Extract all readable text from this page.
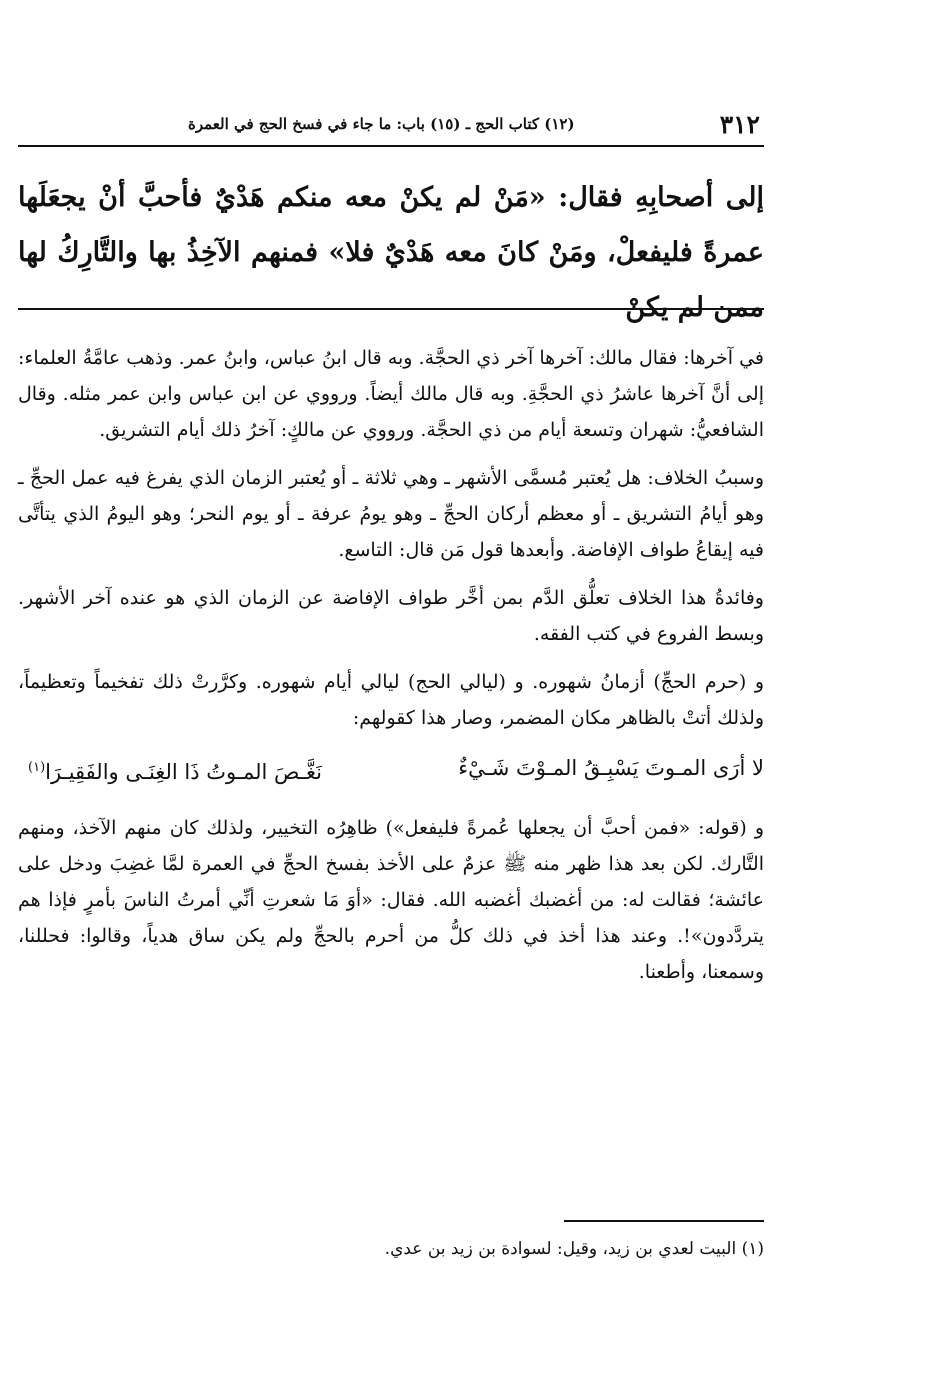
٣١٢
(١٢) كتاب الحج ـ (١٥) باب: ما جاء في فسخ الحج في العمرة
إلى أصحابِهِ فقال: «مَنْ لم يكنْ معه منكم هَدْيٌ فأحبَّ أنْ يجعَلَها عمرةً فليفعلْ، ومَنْ كانَ معه هَدْيٌ فلا» فمنهم الآخِذُ بها والتَّارِكُ لها ممن لم يكنْ

في آخرها: فقال مالك: آخرها آخر ذي الحجَّة. وبه قال ابنُ عباس، وابنُ عمر. وذهب عامَّةُ العلماء: إلى أنَّ آخرها عاشرُ ذي الحجَّةِ. وبه قال مالك أيضاً. ورووي عن ابن عباس وابن عمر مثله. وقال الشافعيُّ: شهران وتسعة أيام من ذي الحجَّة. ورووي عن مالكٍ: آخرُ ذلك أيام التشريق.

وسببُ الخلاف: هل يُعتبر مُسمَّى الأشهر ـ وهي ثلاثة ـ أو يُعتبر الزمان الذي يفرغ فيه عمل الحجِّ ـ وهو أيامُ التشريق ـ أو معظم أركان الحجِّ ـ وهو يومُ عرفة ـ أو يوم النحر؛ وهو اليومُ الذي يتأتَّى فيه إيقاعُ طواف الإفاضة. وأبعدها قول مَن قال: التاسع.

وفائدةُ هذا الخلاف تعلُّق الدَّم بمن أخَّر طواف الإفاضة عن الزمان الذي هو عنده آخر الأشهر. وبسط الفروع في كتب الفقه.

و (حرم الحجِّ) أزمانُ شهوره. و (ليالي الحج) ليالي أيام شهوره. وكرَّرتْ ذلك تفخيماً وتعظيماً، ولذلك أتتْ بالظاهر مكان المضمر، وصار هذا كقولهم:

لا أرَى المـوتَ يَسْبِـقُ المـوْتَ شَـيْءٌ
نَغَّـصَ المـوتُ ذَا الغِنَـى والفَقِيـرَا$^{(١)}$

و (قوله: «فمن أحبَّ أن يجعلها عُمرةً فليفعل») ظاهِرُه التخيير، ولذلك كان منهم الآخذ، ومنهم التَّارك. لكن بعد هذا ظهر منه ﷺ عزمٌ على الأخذ بفسخ الحجِّ في العمرة لمَّا غضِبَ ودخل على عائشة؛ فقالت له: من أغضبك أغضبه الله. فقال: «أوَ مَا شعرتِ أنِّي أمرتُ الناسَ بأمرٍ فإذا هم يتردَّدون»!. وعند هذا أخذ في ذلك كلُّ من أحرم بالحجِّ ولم يكن ساق هدياً، وقالوا: فحللنا، وسمعنا، وأطعنا.

(١) البيت لعدي بن زيد، وقيل: لسوادة بن زيد بن عدي.
